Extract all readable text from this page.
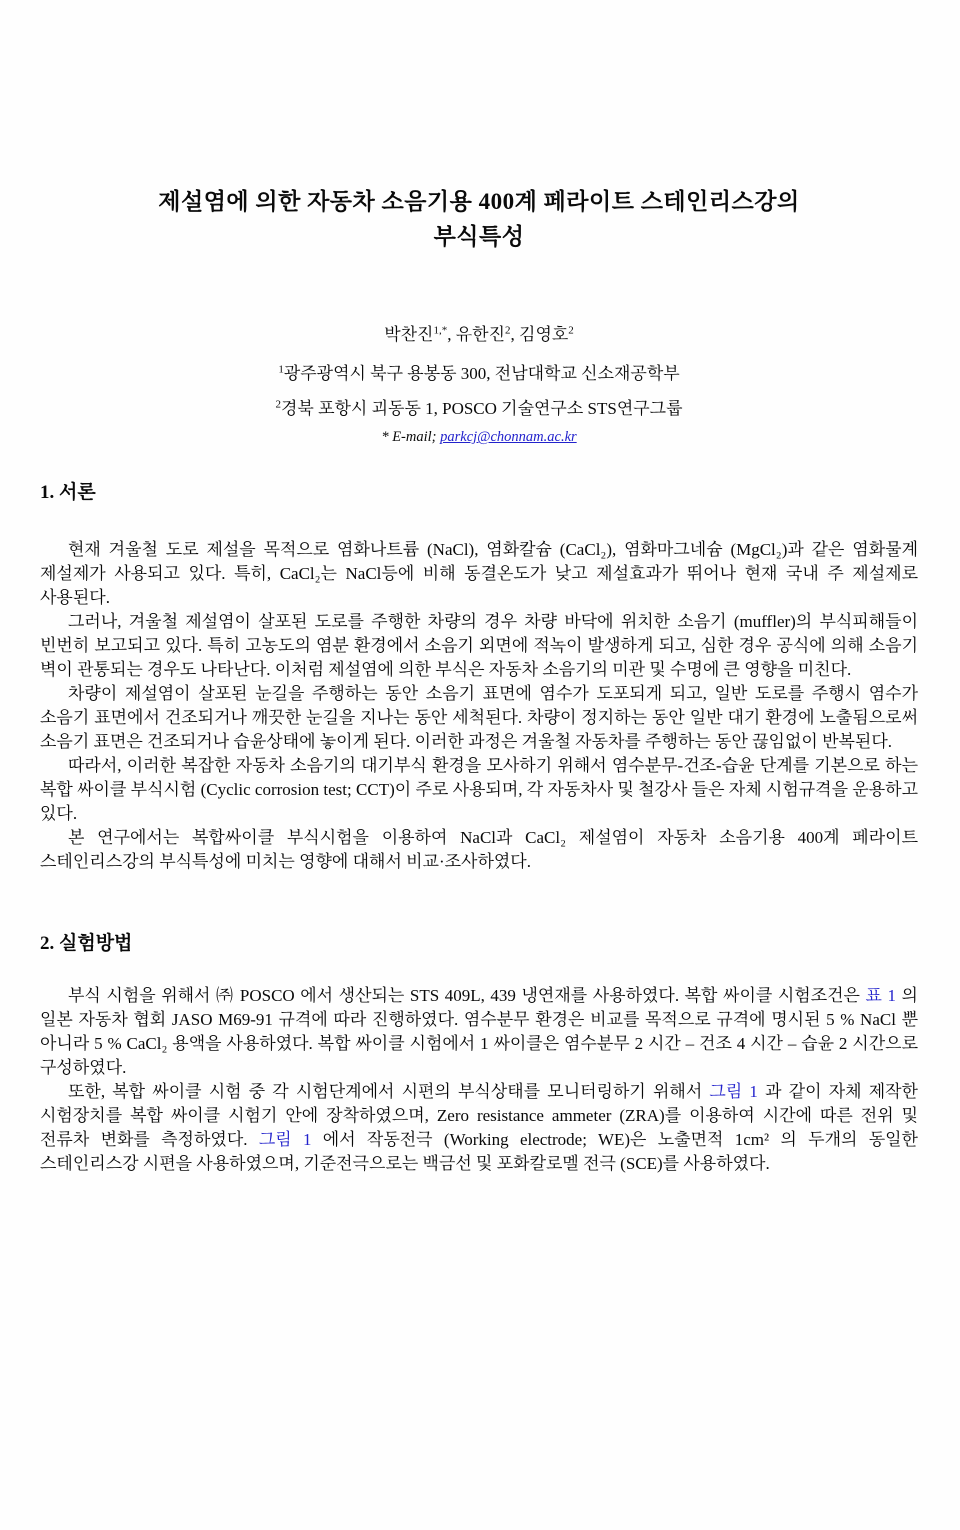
제설염에 의한 자동차 소음기용 400계 페라이트 스테인리스강의
부식특성
박찬진$^{1,*}$, 유한진$^2$, 김영호$^2$
$^1$광주광역시 북구 용봉동 300, 전남대학교 신소재공학부
$^2$경북 포항시 괴동동 1, POSCO 기술연구소 STS연구그룹
* E-mail; parkcj@chonnam.ac.kr
1. 서론

현재 겨울철 도로 제설을 목적으로 염화나트륨 (NaCl), 염화칼슘 (CaCl₂), 염화마그네슘 (MgCl₂)과 같은 염화물계 제설제가 사용되고 있다. 특히, CaCl₂는 NaCl등에 비해 동결온도가 낮고 제설효과가 뛰어나 현재 국내 주 제설제로 사용된다.

그러나, 겨울철 제설염이 살포된 도로를 주행한 차량의 경우 차량 바닥에 위치한 소음기 (muffler)의 부식피해들이 빈번히 보고되고 있다. 특히 고농도의 염분 환경에서 소음기 외면에 적녹이 발생하게 되고, 심한 경우 공식에 의해 소음기 벽이 관통되는 경우도 나타난다. 이처럼 제설염에 의한 부식은 자동차 소음기의 미관 및 수명에 큰 영향을 미친다.

차량이 제설염이 살포된 눈길을 주행하는 동안 소음기 표면에 염수가 도포되게 되고, 일반 도로를 주행시 염수가 소음기 표면에서 건조되거나 깨끗한 눈길을 지나는 동안 세척된다. 차량이 정지하는 동안 일반 대기 환경에 노출됨으로써 소음기 표면은 건조되거나 습윤상태에 놓이게 된다. 이러한 과정은 겨울철 자동차를 주행하는 동안 끊임없이 반복된다.

따라서, 이러한 복잡한 자동차 소음기의 대기부식 환경을 모사하기 위해서 염수분무-건조-습윤 단계를 기본으로 하는 복합 싸이클 부식시험 (Cyclic corrosion test; CCT)이 주로 사용되며, 각 자동차사 및 철강사 들은 자체 시험규격을 운용하고 있다.

본 연구에서는 복합싸이클 부식시험을 이용하여 NaCl과 CaCl₂ 제설염이 자동차 소음기용 400계 페라이트 스테인리스강의 부식특성에 미치는 영향에 대해서 비교·조사하였다.

2. 실험방법

부식 시험을 위해서 ㈜ POSCO 에서 생산되는 STS 409L, 439 냉연재를 사용하였다. 복합 싸이클 시험조건은 표 1 의 일본 자동차 협회 JASO M69-91 규격에 따라 진행하였다. 염수분무 환경은 비교를 목적으로 규격에 명시된 5 % NaCl 뿐 아니라 5 % CaCl₂ 용액을 사용하였다. 복합 싸이클 시험에서 1 싸이클은 염수분무 2 시간 – 건조 4 시간 – 습윤 2 시간으로 구성하였다.

또한, 복합 싸이클 시험 중 각 시험단계에서 시편의 부식상태를 모니터링하기 위해서 그림 1 과 같이 자체 제작한 시험장치를 복합 싸이클 시험기 안에 장착하였으며, Zero resistance ammeter (ZRA)를 이용하여 시간에 따른 전위 및 전류차 변화를 측정하였다. 그림 1 에서 작동전극 (Working electrode; WE)은 노출면적 1cm² 의 두개의 동일한 스테인리스강 시편을 사용하였으며, 기준전극으로는 백금선 및 포화칼로멜 전극 (SCE)를 사용하였다.
